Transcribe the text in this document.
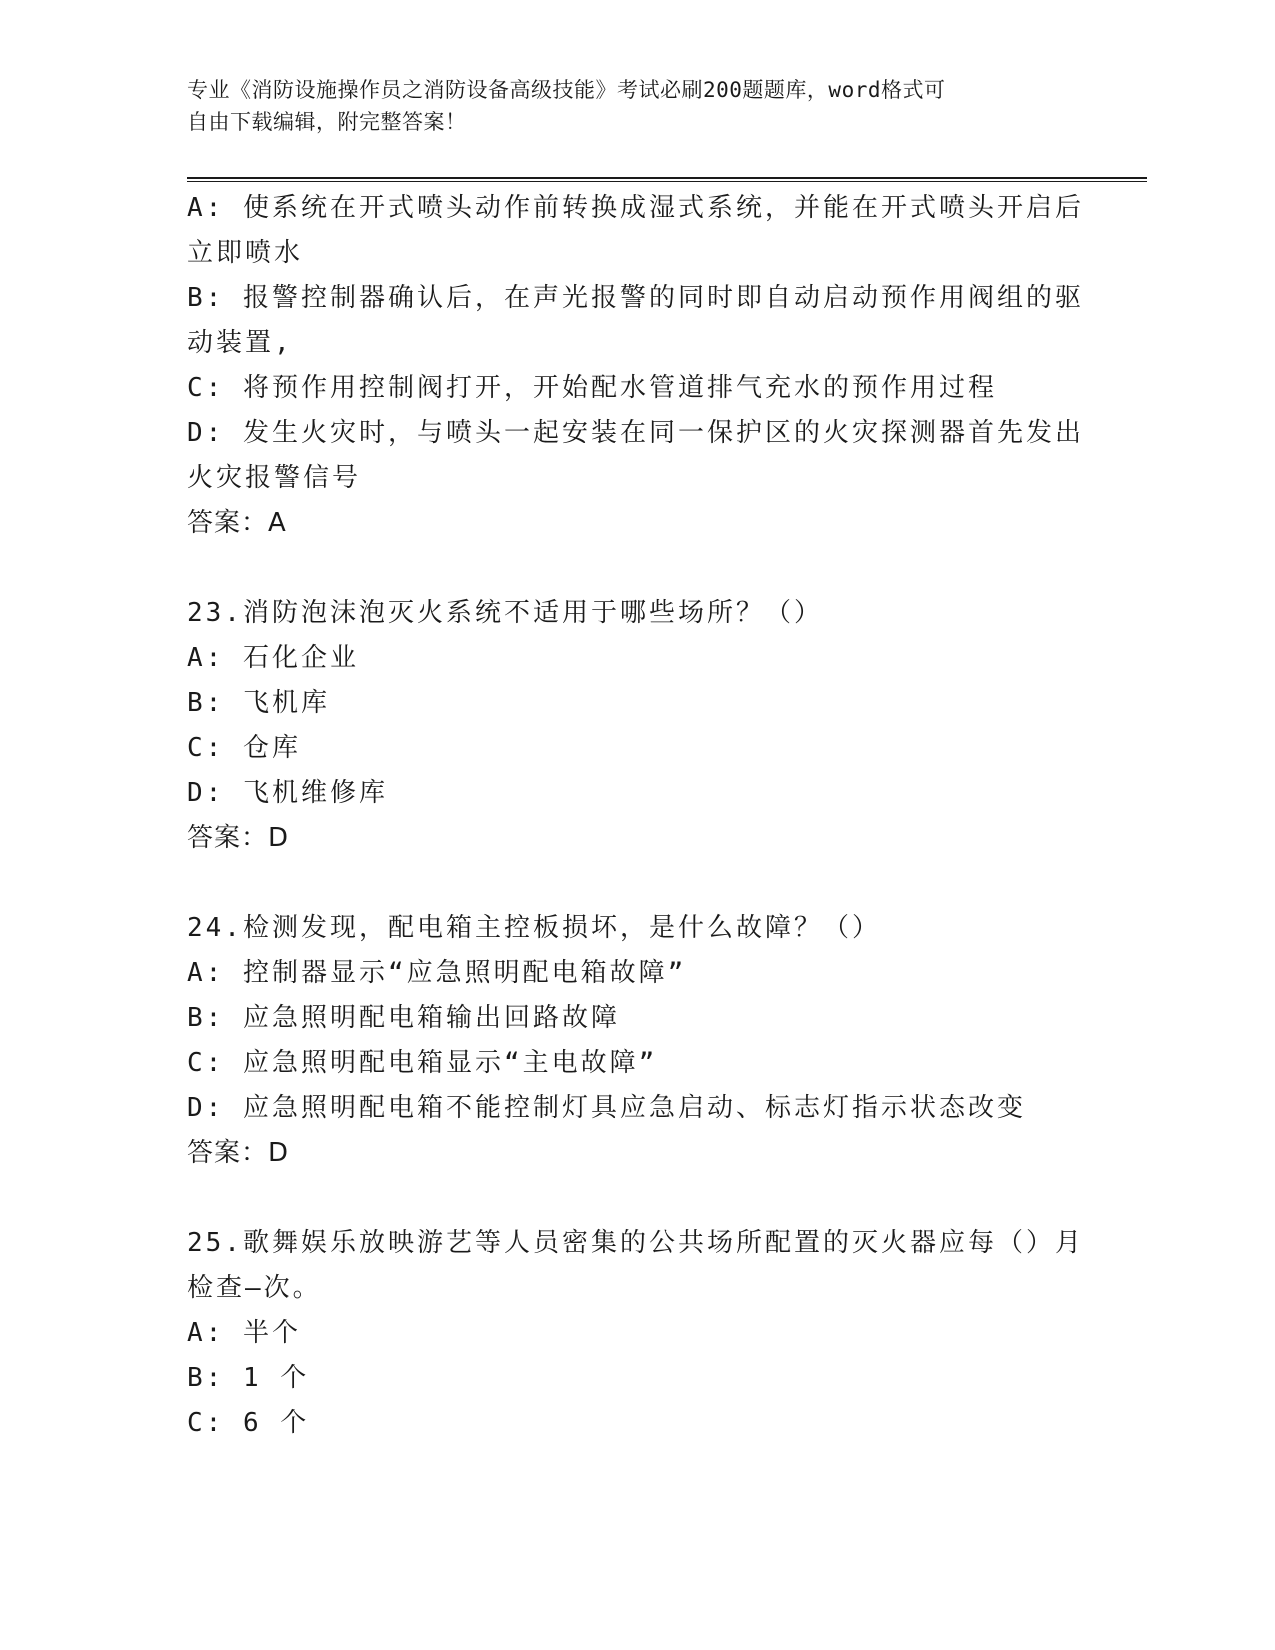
专业《消防设施操作员之消防设备高级技能》考试必刷200题题库，word格式可
自由下载编辑，附完整答案！
A: 使系统在开式喷头动作前转换成湿式系统，并能在开式喷头开启后
立即喷水
B: 报警控制器确认后，在声光报警的同时即自动启动预作用阀组的驱
动装置,
C: 将预作用控制阀打开，开始配水管道排气充水的预作用过程
D: 发生火灾时，与喷头一起安装在同一保护区的火灾探测器首先发出
火灾报警信号
答案：A
23.消防泡沫泡灭火系统不适用于哪些场所？（）
A: 石化企业
B: 飞机库
C: 仓库
D: 飞机维修库
答案：D
24.检测发现，配电箱主控板损坏，是什么故障？（）
A: 控制器显示“应急照明配电箱故障”
B: 应急照明配电箱输出回路故障
C: 应急照明配电箱显示“主电故障”
D: 应急照明配电箱不能控制灯具应急启动、标志灯指示状态改变
答案：D
25.歌舞娱乐放映游艺等人员密集的公共场所配置的灭火器应每（）月
检查—次。
A: 半个
B: 1 个
C: 6 个
